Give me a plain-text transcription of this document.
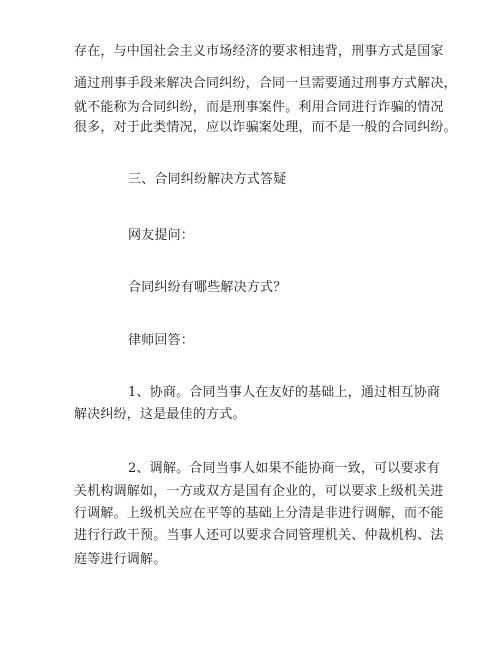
存在，与中国社会主义市场经济的要求相违背，刑事方式是国家
通过刑事手段来解决合同纠纷，合同一旦需要通过刑事方式解决，
就不能称为合同纠纷，而是刑事案件。利用合同进行诈骗的情况
很多，对于此类情况，应以诈骗案处理，而不是一般的合同纠纷。
三、合同纠纷解决方式答疑
网友提问：
合同纠纷有哪些解决方式？
律师回答：
1、协商。合同当事人在友好的基础上，通过相互协商
解决纠纷，这是最佳的方式。
2、调解。合同当事人如果不能协商一致，可以要求有
关机构调解如，一方或双方是国有企业的，可以要求上级机关进
行调解。上级机关应在平等的基础上分清是非进行调解，而不能
进行行政干预。当事人还可以要求合同管理机关、仲裁机构、法
庭等进行调解。
